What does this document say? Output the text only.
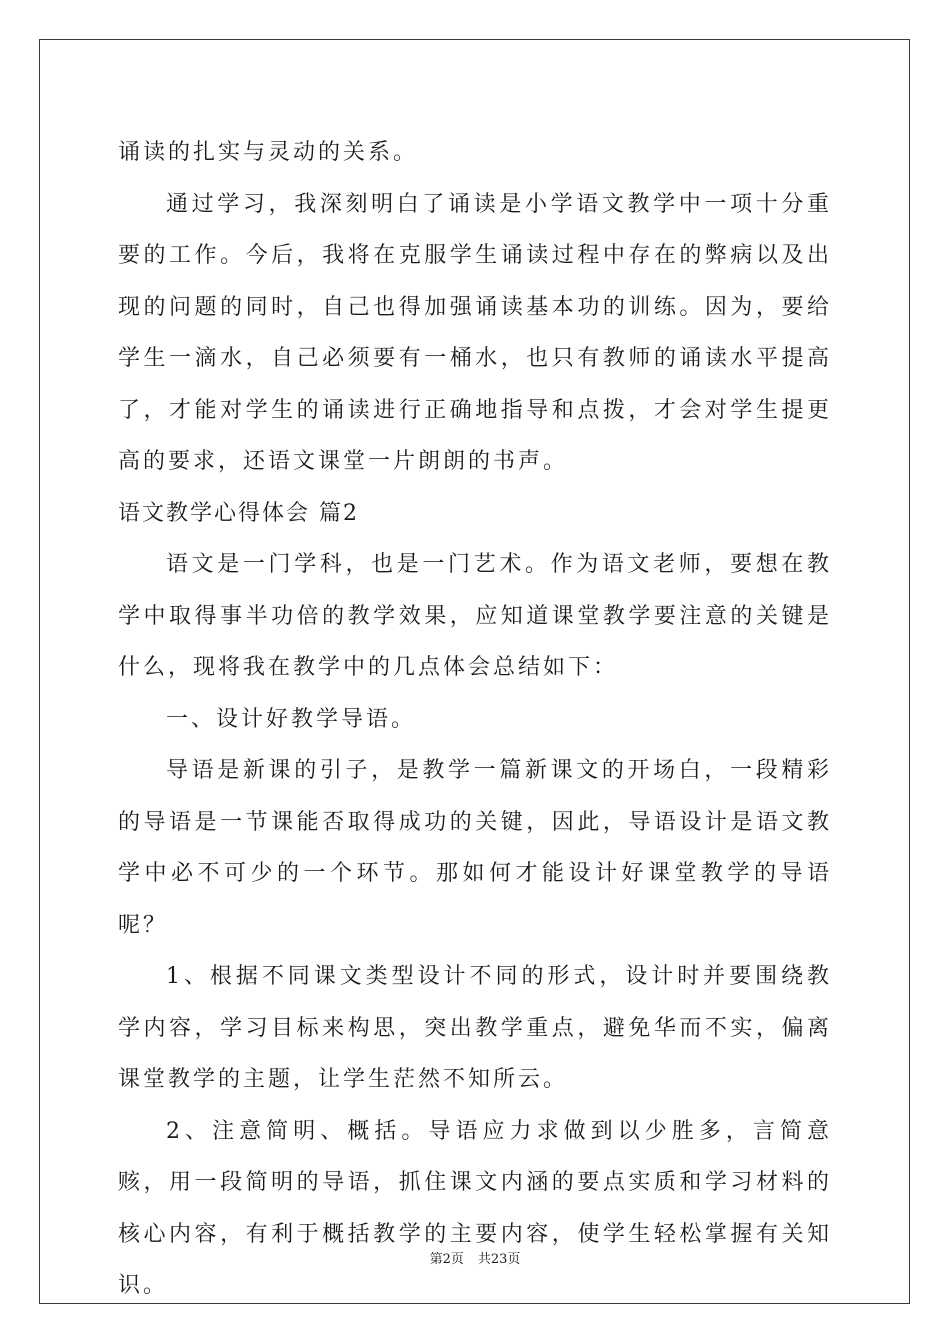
诵读的扎实与灵动的关系。

通过学习，我深刻明白了诵读是小学语文教学中一项十分重要的工作。今后，我将在克服学生诵读过程中存在的弊病以及出现的问题的同时，自己也得加强诵读基本功的训练。因为，要给学生一滴水，自己必须要有一桶水，也只有教师的诵读水平提高了，才能对学生的诵读进行正确地指导和点拨，才会对学生提更高的要求，还语文课堂一片朗朗的书声。

语文教学心得体会 篇2

语文是一门学科，也是一门艺术。作为语文老师，要想在教学中取得事半功倍的教学效果，应知道课堂教学要注意的关键是什么，现将我在教学中的几点体会总结如下：

一、设计好教学导语。

导语是新课的引子，是教学一篇新课文的开场白，一段精彩的导语是一节课能否取得成功的关键，因此，导语设计是语文教学中必不可少的一个环节。那如何才能设计好课堂教学的导语呢？

1、根据不同课文类型设计不同的形式，设计时并要围绕教学内容，学习目标来构思，突出教学重点，避免华而不实，偏离课堂教学的主题，让学生茫然不知所云。

2、注意简明、概括。导语应力求做到以少胜多，言简意赅，用一段简明的导语，抓住课文内涵的要点实质和学习材料的核心内容，有利于概括教学的主要内容，使学生轻松掌握有关知识。

第2页 共23页
